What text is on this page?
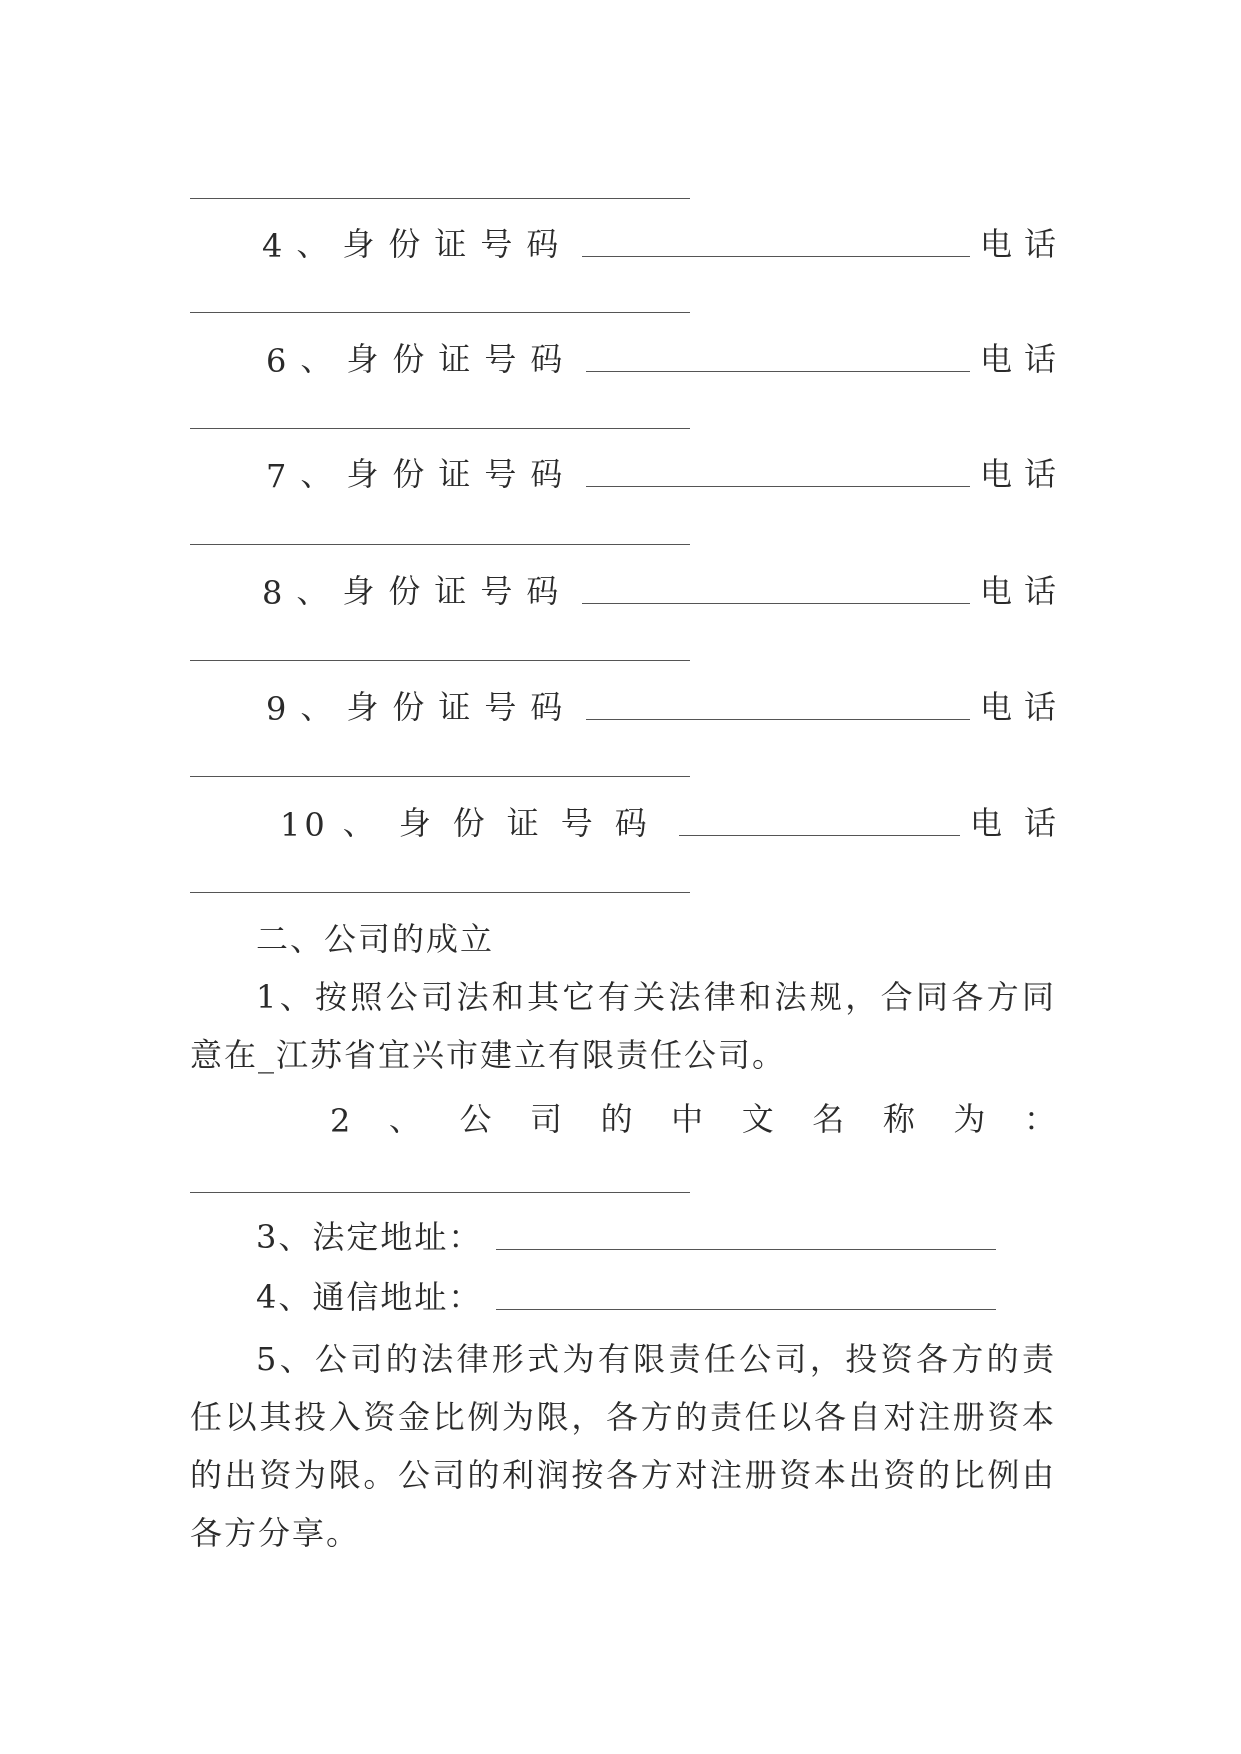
4 、 身份证号码	电话
6 、 身份证号码	电话
7 、 身份证号码	电话
8 、 身份证号码	电话
9 、 身份证号码	电话
10 、 身份证号码	电话
二、公司的成立
1、按照公司法和其它有关法律和法规，合同各方同意在_江苏省宜兴市建立有限责任公司。
2 、 公 司 的 中 文 名 称 为 ：
3、法定地址：
4、通信地址：
5、公司的法律形式为有限责任公司，投资各方的责任以其投入资金比例为限，各方的责任以各自对注册资本的出资为限。公司的利润按各方对注册资本出资的比例由各方分享。
